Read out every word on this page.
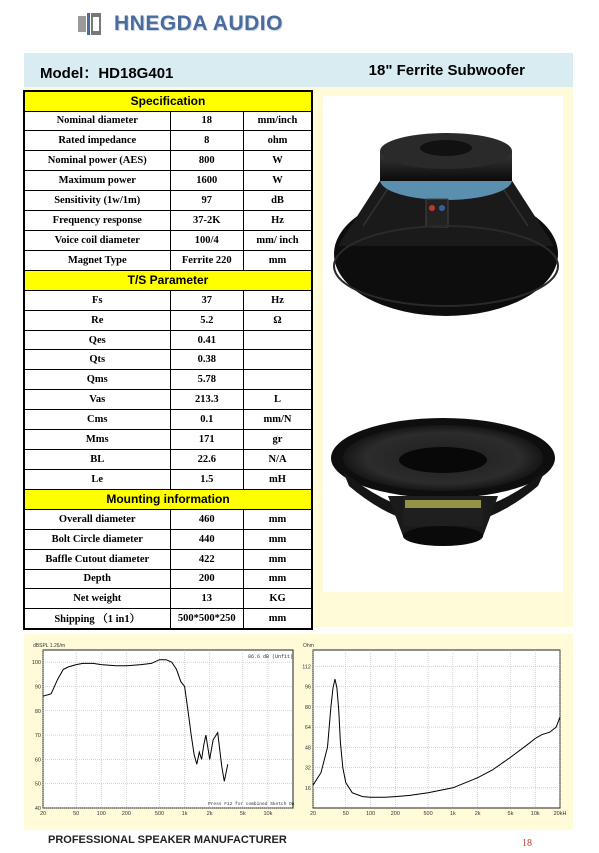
HNEGDA AUDIO
Model：HD18G401	18" Ferrite Subwoofer
Specification		
Nominal diameter	18	mm/inch
Rated impedance	8	ohm
Nominal power (AES)	800	W
Maximum power	1600	W
Sensitivity (1w/1m)	97	dB
Frequency response	37-2K	Hz
Voice coil diameter	100/4	mm/ inch
Magnet Type	Ferrite 220	mm
T/S Parameter		
Fs	37	Hz
Re	5.2	Ω
Qes	0.41	
Qts	0.38	
Qms	5.78	
Vas	213.3	L
Cms	0.1	mm/N
Mms	171	gr
BL	22.6	N/A
Le	1.5	mH
Mounting information		
Overall diameter	460	mm
Bolt Circle diameter	440	mm
Baffle Cutout diameter	422	mm
Depth	200	mm
Net weight	13	KG
Shipping （1 in1）	500*500*250	mm
100
90
80
70
60
50
40
20	50	100	200	500	1k	2k	5k	10k
dBSPL 1.26/m
86.6 dB (Unfit)
Press F12 for combined Sketch On
112
96
80
64
48
32
16
20	50	100	200	500	1k	2k	5k	10k	20kH
Ohm
PROFESSIONAL SPEAKER MANUFACTURER	18
